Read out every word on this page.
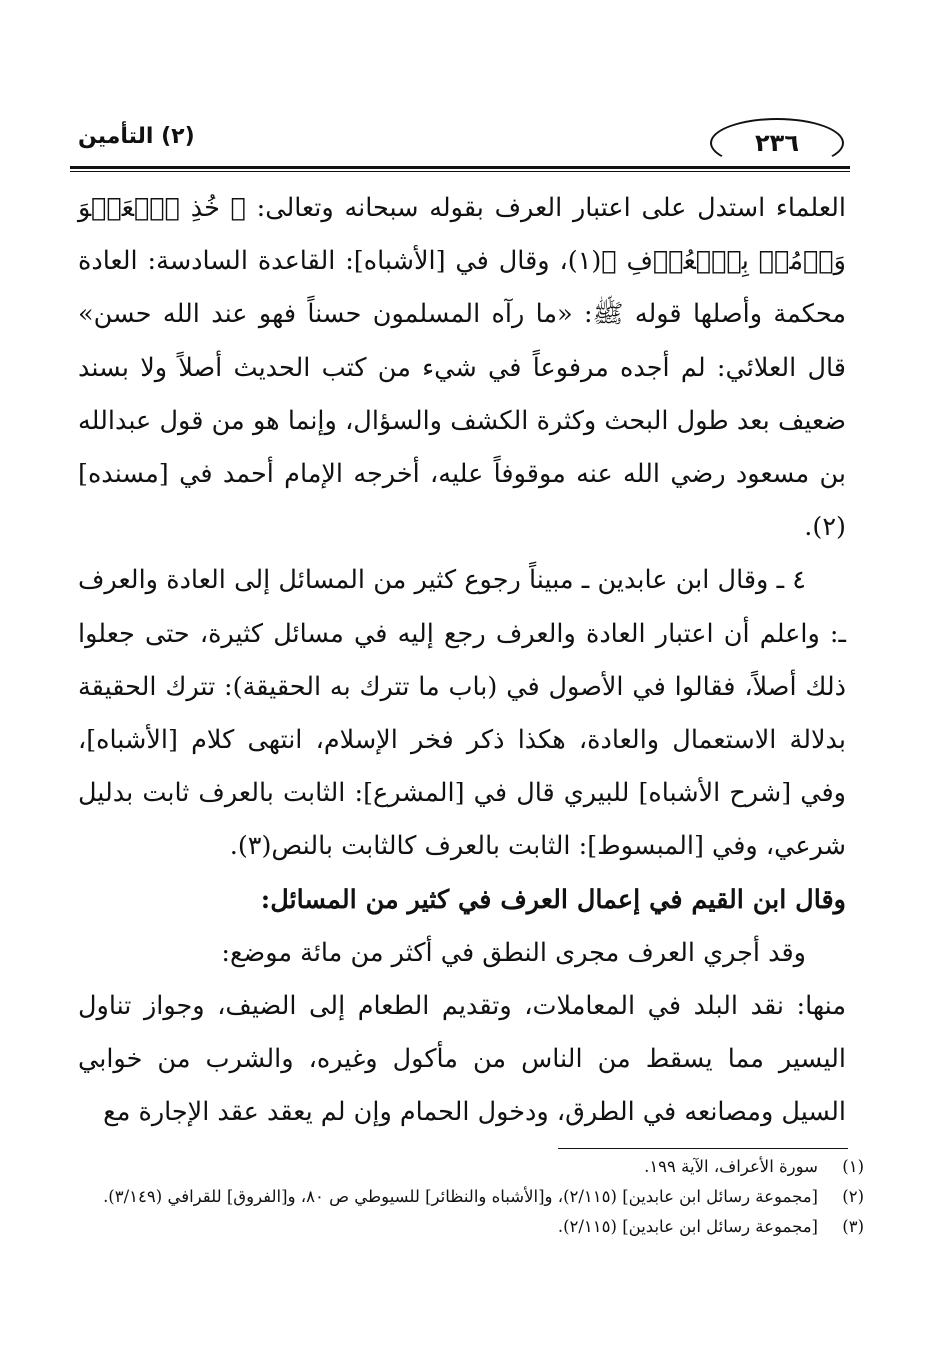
(٢) التأمين	٢٣٦

العلماء استدل على اعتبار العرف بقوله سبحانه وتعالى: ﴿ خُذِ ٱلۡعَفۡوَ وَأۡمُرۡ بِٱلۡعُرۡفِ ﴾(١)، وقال في [الأشباه]: القاعدة السادسة: العادة محكمة وأصلها قوله ﷺ: «ما رآه المسلمون حسناً فهو عند الله حسن» قال العلائي: لم أجده مرفوعاً في شيء من كتب الحديث أصلاً ولا بسند ضعيف بعد طول البحث وكثرة الكشف والسؤال، وإنما هو من قول عبدالله بن مسعود رضي الله عنه موقوفاً عليه، أخرجه الإمام أحمد في [مسنده](٢).

٤ ـ وقال ابن عابدين ـ مبيناً رجوع كثير من المسائل إلى العادة والعرف ـ: واعلم أن اعتبار العادة والعرف رجع إليه في مسائل كثيرة، حتى جعلوا ذلك أصلاً، فقالوا في الأصول في (باب ما تترك به الحقيقة): تترك الحقيقة بدلالة الاستعمال والعادة، هكذا ذكر فخر الإسلام، انتهى كلام [الأشباه]، وفي [شرح الأشباه] للبيري قال في [المشرع]: الثابت بالعرف ثابت بدليل شرعي، وفي [المبسوط]: الثابت بالعرف كالثابت بالنص(٣).

وقال ابن القيم في إعمال العرف في كثير من المسائل:

وقد أجري العرف مجرى النطق في أكثر من مائة موضع:

منها: نقد البلد في المعاملات، وتقديم الطعام إلى الضيف، وجواز تناول اليسير مما يسقط من الناس من مأكول وغيره، والشرب من خوابي السيل ومصانعه في الطرق، ودخول الحمام وإن لم يعقد عقد الإجارة مع

(١)
سورة الأعراف، الآية ١٩٩.
(٢)
[مجموعة رسائل ابن عابدين] (٢/١١٥)، و[الأشباه والنظائر] للسيوطي ص ٨٠، و[الفروق] للقرافي (٣/١٤٩).
(٣)
[مجموعة رسائل ابن عابدين] (٢/١١٥).
